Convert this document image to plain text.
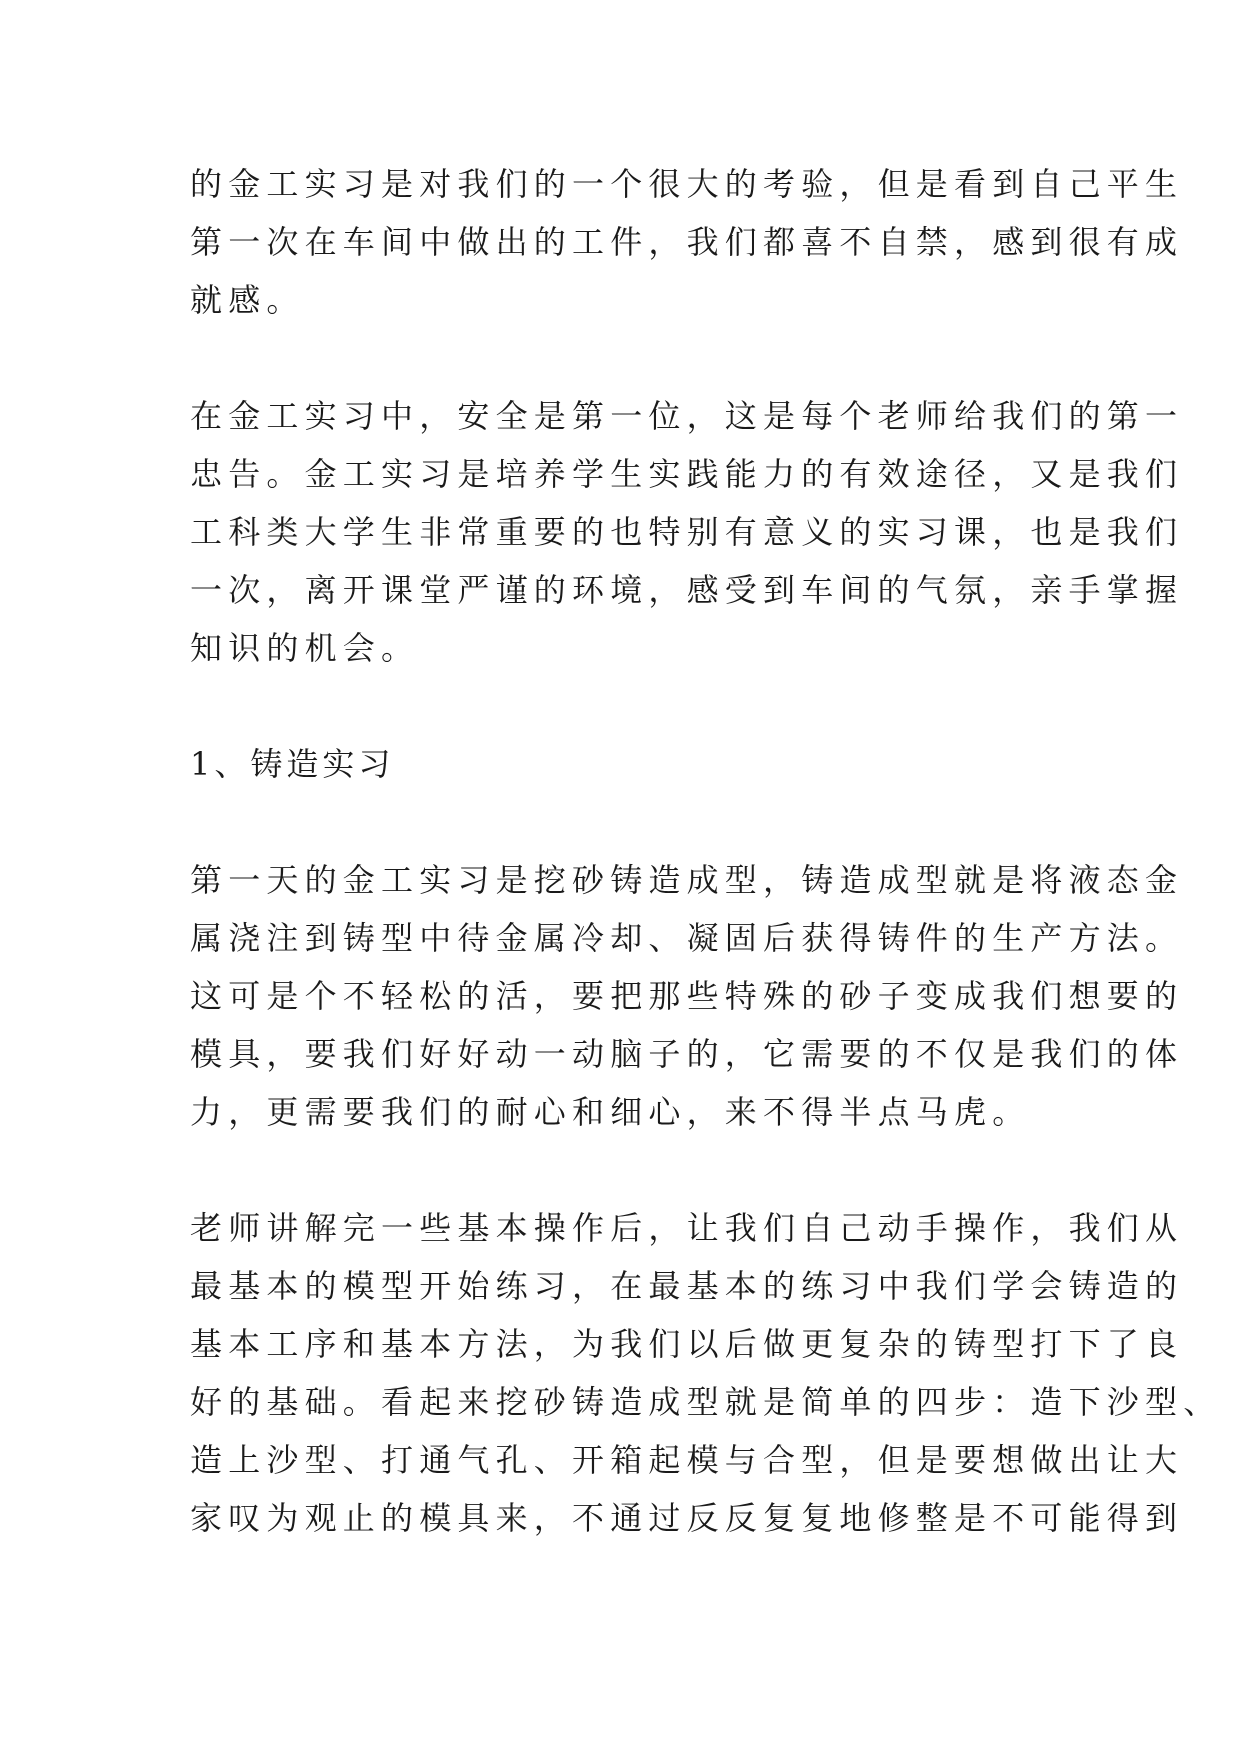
的金工实习是对我们的一个很大的考验，但是看到自己平生
第一次在车间中做出的工件，我们都喜不自禁，感到很有成
就感。
在金工实习中，安全是第一位，这是每个老师给我们的第一
忠告。金工实习是培养学生实践能力的有效途径，又是我们
工科类大学生非常重要的也特别有意义的实习课，也是我们
一次，离开课堂严谨的环境，感受到车间的气氛，亲手掌握
知识的机会。
1、铸造实习
第一天的金工实习是挖砂铸造成型，铸造成型就是将液态金
属浇注到铸型中待金属冷却、凝固后获得铸件的生产方法。
这可是个不轻松的活，要把那些特殊的砂子变成我们想要的
模具，要我们好好动一动脑子的，它需要的不仅是我们的体
力，更需要我们的耐心和细心，来不得半点马虎。
老师讲解完一些基本操作后，让我们自己动手操作，我们从
最基本的模型开始练习，在最基本的练习中我们学会铸造的
基本工序和基本方法，为我们以后做更复杂的铸型打下了良
好的基础。看起来挖砂铸造成型就是简单的四步：造下沙型、
造上沙型、打通气孔、开箱起模与合型，但是要想做出让大
家叹为观止的模具来，不通过反反复复地修整是不可能得到
